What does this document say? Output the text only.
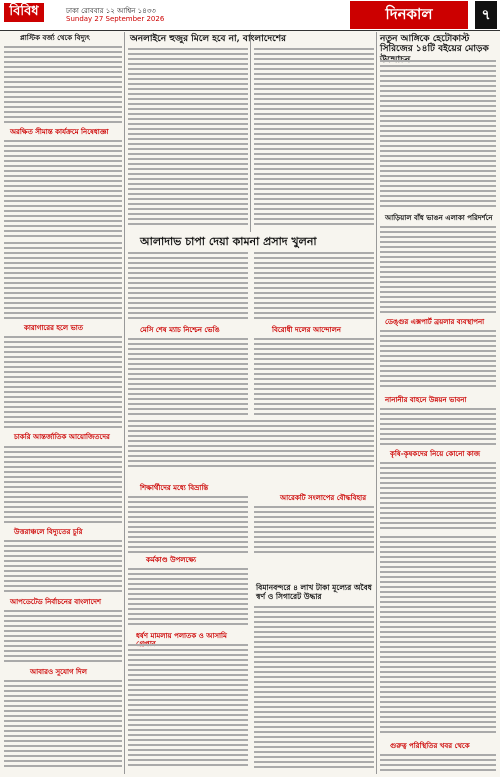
বিবিধ	ঢাকা রোববার ১২ আশ্বিন ১৪৩৩
Sunday 27 September 2026	দিনকাল	৭
প্লাস্টিক বর্জ্য থেকে বিদ্যুৎ
অরক্ষিত সীমান্ত কার্যক্রমে নিষেধাজ্ঞা
কারাগারের হলে ভাত
চাকরি আন্তর্জাতিক আয়োজিতদের
উত্তরাঞ্চলে বিদ্যুতের চুরি
আপডেটেড নির্বাচনের বাংলাদেশ
আবারও সুযোগ দিল
অনলাইনে হুজুর মিলে হবে না, বাংলাদেশের
আলাদাভ চাপা দেয়া কামনা প্রসাদ খুলনা
মেসি শেষ ম্যাচ নিশ্চেন ভেঙি	বিরোধী দলের আন্দোলন
শিক্ষার্থীদের মধ্যে বিভ্রান্তি
আরেকটি সংলাপের বৌদ্ধবিহার
কর্মকাণ্ড উপলক্ষ্যে
বিমানবন্দরে ৪ লাখ টাকা মূল্যের অবৈধ স্বর্ণ ও সিগারেট উদ্ধার
ধর্ষণ মামলায় পলাতক ও আসামি
নতুন আঙ্গিকে হেটোকাস্ট সিরিজের ১৪টি বইয়ের মোড়ক
আড়িয়াল বাঁধ ভাঙন এলাকা পরিদর্শনে
ডেঙ্গুর এক্সপার্ট ব্রয়লার ব্যবস্থাপনা
নানানীর বাহনে উন্নয়ন ভাবনা
কৃষি-কৃষকদের নিয়ে কোনো কাজ
গুরুত্ব পরিস্থিতির খবর থেকে
